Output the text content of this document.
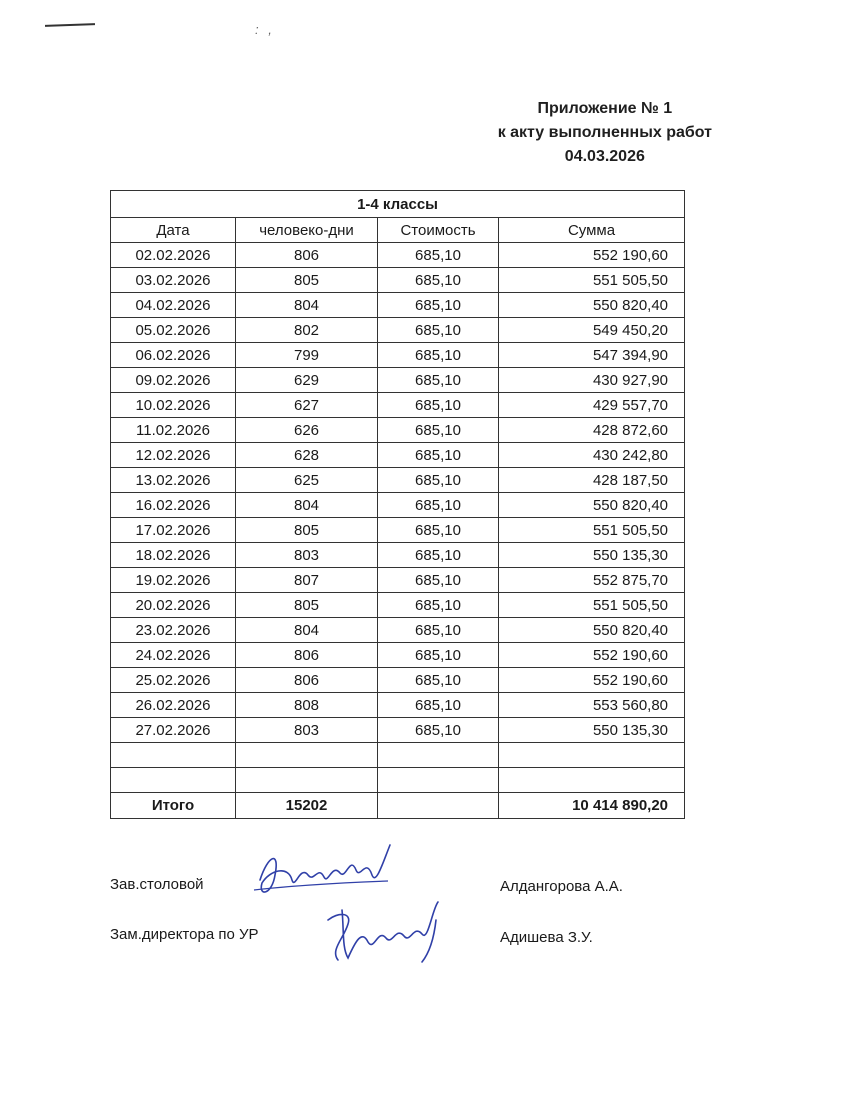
: ,
Приложение № 1
к акту выполненных работ
04.03.2026
1-4 классы			
Дата	человеко-дни	Стоимость	Сумма
02.02.2026	806	685,10	552 190,60
03.02.2026	805	685,10	551 505,50
04.02.2026	804	685,10	550 820,40
05.02.2026	802	685,10	549 450,20
06.02.2026	799	685,10	547 394,90
09.02.2026	629	685,10	430 927,90
10.02.2026	627	685,10	429 557,70
11.02.2026	626	685,10	428 872,60
12.02.2026	628	685,10	430 242,80
13.02.2026	625	685,10	428 187,50
16.02.2026	804	685,10	550 820,40
17.02.2026	805	685,10	551 505,50
18.02.2026	803	685,10	550 135,30
19.02.2026	807	685,10	552 875,70
20.02.2026	805	685,10	551 505,50
23.02.2026	804	685,10	550 820,40
24.02.2026	806	685,10	552 190,60
25.02.2026	806	685,10	552 190,60
26.02.2026	808	685,10	553 560,80
27.02.2026	803	685,10	550 135,30

Итого	15202		10 414 890,20
Зав.столовой	Алдангорова А.А.
Зам.директора по УР	Адишева З.У.
